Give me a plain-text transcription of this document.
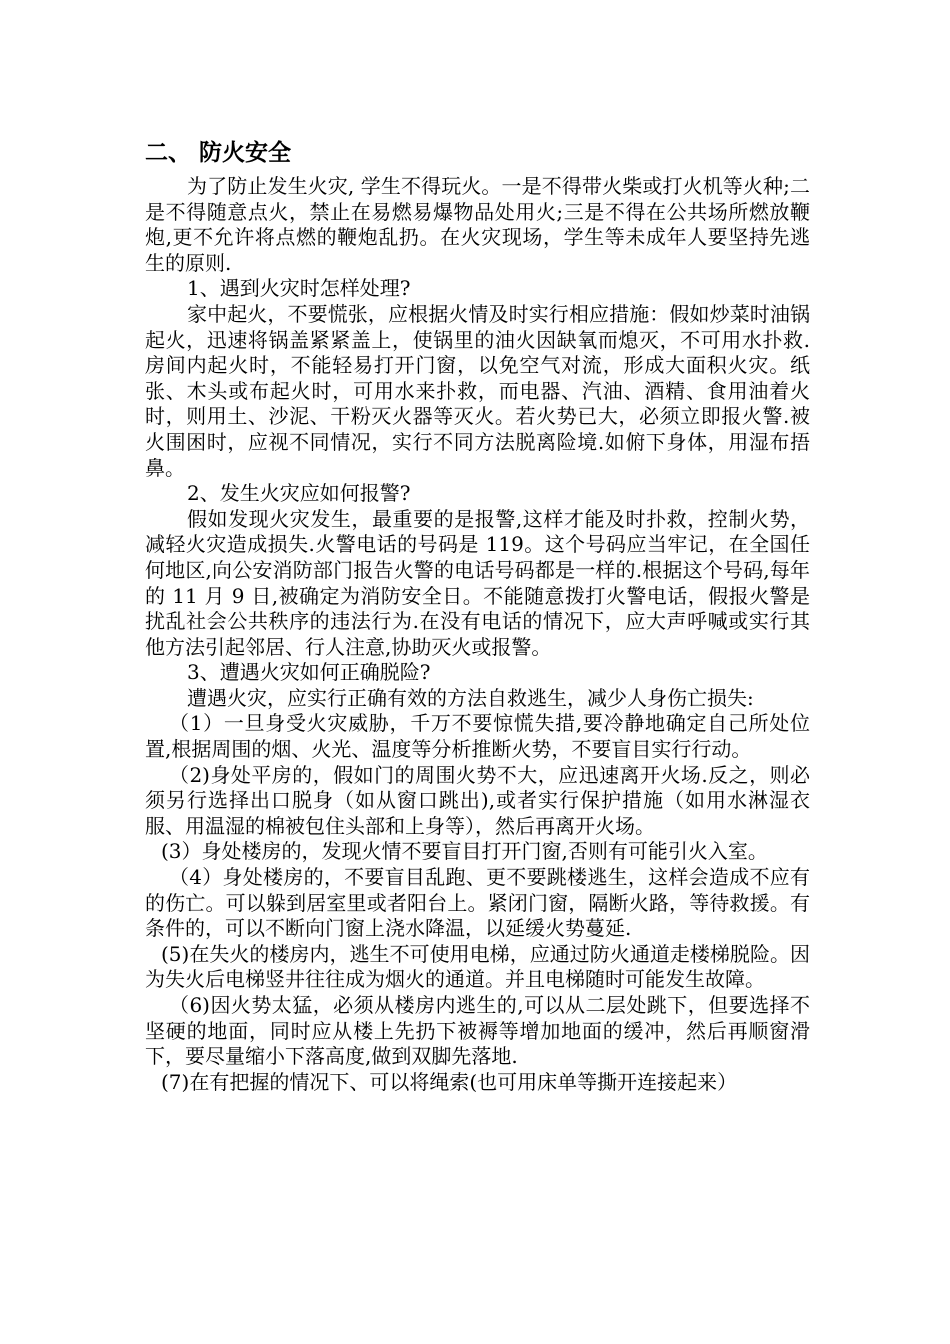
二、 防火安全

为了防止发生火灾, 学生不得玩火。一是不得带火柴或打火机等火种;二是不得随意点火，禁止在易燃易爆物品处用火;三是不得在公共场所燃放鞭炮,更不允许将点燃的鞭炮乱扔。在火灾现场，学生等未成年人要坚持先逃生的原则.

1、遇到火灾时怎样处理?

家中起火，不要慌张，应根据火情及时实行相应措施：假如炒菜时油锅起火，迅速将锅盖紧紧盖上，使锅里的油火因缺氧而熄灭，不可用水扑救.房间内起火时，不能轻易打开门窗，以免空气对流，形成大面积火灾。纸张、木头或布起火时，可用水来扑救，而电器、汽油、酒精、食用油着火时，则用土、沙泥、干粉灭火器等灭火。若火势已大，必须立即报火警.被火围困时，应视不同情况，实行不同方法脱离险境.如俯下身体，用湿布捂鼻。

2、发生火灾应如何报警?

假如发现火灾发生，最重要的是报警,这样才能及时扑救，控制火势，减轻火灾造成损失.火警电话的号码是 119。这个号码应当牢记，在全国任何地区,向公安消防部门报告火警的电话号码都是一样的.根据这个号码,每年的 11 月 9 日,被确定为消防安全日。不能随意拨打火警电话，假报火警是扰乱社会公共秩序的违法行为.在没有电话的情况下，应大声呼喊或实行其他方法引起邻居、行人注意,协助灭火或报警。

3、遭遇火灾如何正确脱险?

遭遇火灾，应实行正确有效的方法自救逃生，减少人身伤亡损失:

（1）一旦身受火灾威胁，千万不要惊慌失措,要冷静地确定自己所处位置,根据周围的烟、火光、温度等分析推断火势，不要盲目实行行动。

（2)身处平房的，假如门的周围火势不大，应迅速离开火场.反之，则必须另行选择出口脱身（如从窗口跳出),或者实行保护措施（如用水淋湿衣服、用温湿的棉被包住头部和上身等），然后再离开火场。

(3）身处楼房的，发现火情不要盲目打开门窗,否则有可能引火入室。

（4）身处楼房的，不要盲目乱跑、更不要跳楼逃生，这样会造成不应有的伤亡。可以躲到居室里或者阳台上。紧闭门窗，隔断火路，等待救援。有条件的，可以不断向门窗上浇水降温，以延缓火势蔓延.

(5)在失火的楼房内，逃生不可使用电梯，应通过防火通道走楼梯脱险。因为失火后电梯竖井往往成为烟火的通道。并且电梯随时可能发生故障。

（6)因火势太猛，必须从楼房内逃生的,可以从二层处跳下，但要选择不坚硬的地面，同时应从楼上先扔下被褥等增加地面的缓冲，然后再顺窗滑下，要尽量缩小下落高度,做到双脚先落地.

(7)在有把握的情况下、可以将绳索(也可用床单等撕开连接起来）
